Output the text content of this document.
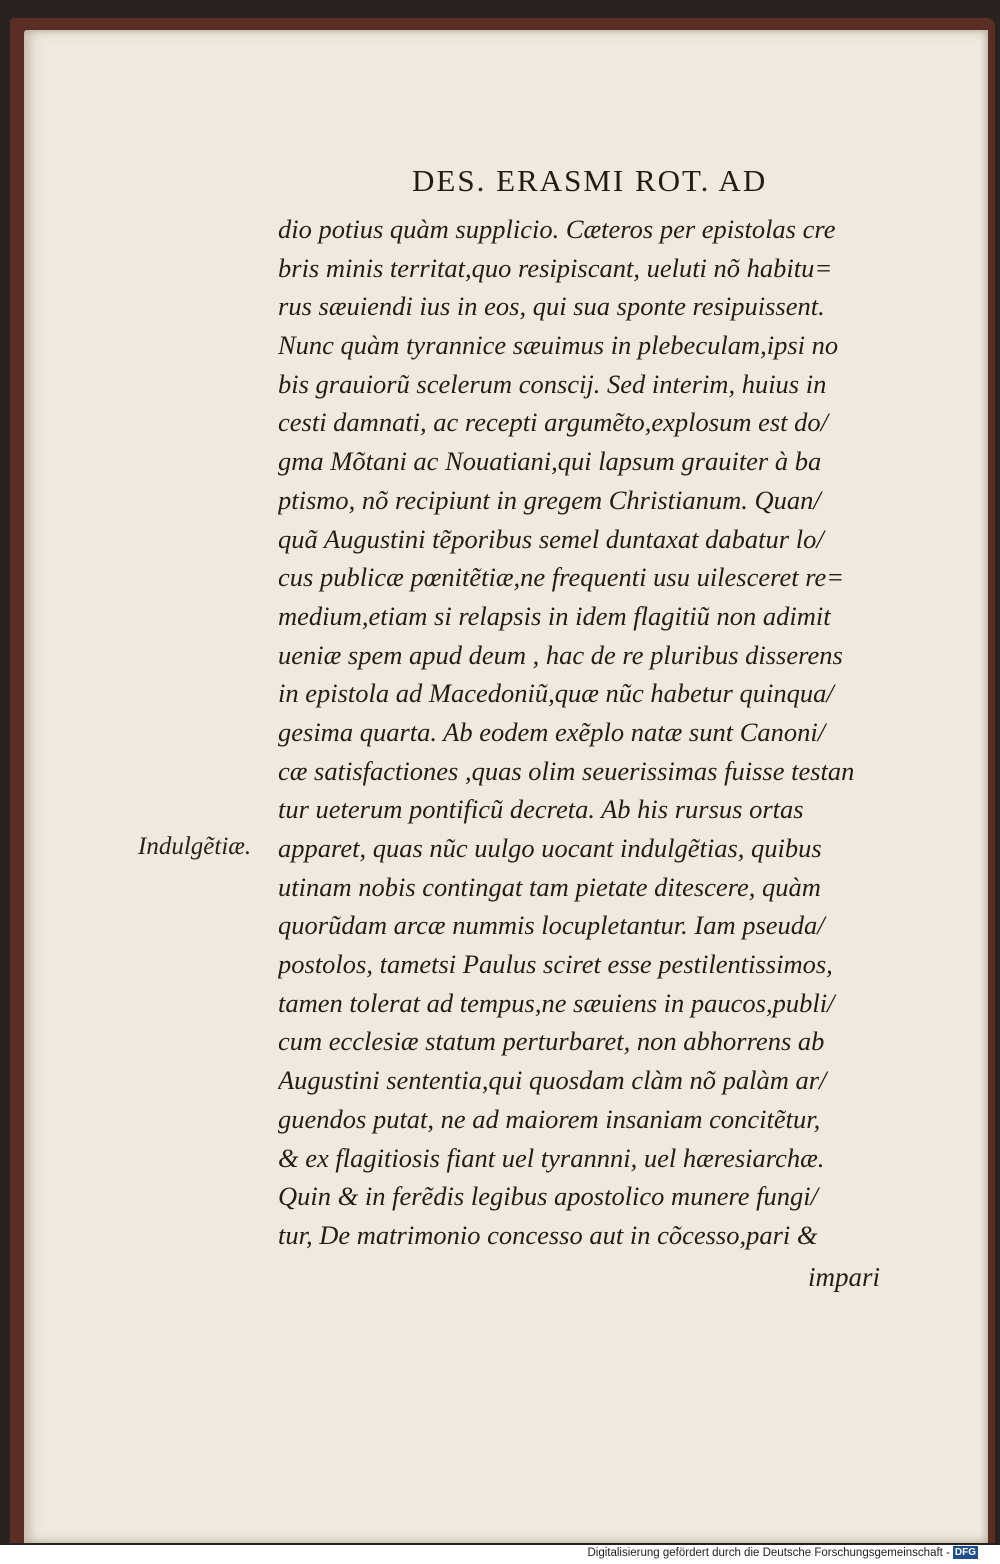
DES. ERASMI ROT. AD
Indulgẽtiæ.
dio potius quàm supplicio. Cæteros per epistolas cre
bris minis territat,quo resipiscant, ueluti nõ habitu=
rus sæuiendi ius in eos, qui sua sponte resipuissent.
Nunc quàm tyrannice sæuimus in plebeculam,ipsi no
bis grauiorũ scelerum conscij. Sed interim, huius in
cesti damnati, ac recepti argumẽto,explosum est do/
gma Mõtani ac Nouatiani,qui lapsum grauiter à ba
ptismo, nõ recipiunt in gregem Christianum. Quan/
quã Augustini tẽporibus semel duntaxat dabatur lo/
cus publicæ pœnitẽtiæ,ne frequenti usu uilesceret re=
medium,etiam si relapsis in idem flagitiũ non adimit
ueniæ spem apud deum , hac de re pluribus disserens
in epistola ad Macedoniũ,quæ nũc habetur quinqua/
gesima quarta. Ab eodem exẽplo natæ sunt Canoni/
cæ satisfactiones ,quas olim seuerissimas fuisse testan
tur ueterum pontificũ decreta. Ab his rursus ortas
apparet, quas nũc uulgo uocant indulgẽtias, quibus
utinam nobis contingat tam pietate ditescere, quàm
quorũdam arcæ nummis locupletantur. Iam pseuda/
postolos, tametsi Paulus sciret esse pestilentissimos,
tamen tolerat ad tempus,ne sæuiens in paucos,publi/
cum ecclesiæ statum perturbaret, non abhorrens ab
Augustini sententia,qui quosdam clàm nõ palàm ar/
guendos putat, ne ad maiorem insaniam concitẽtur,
& ex flagitiosis fiant uel tyrannni, uel hæresiarchæ.
Quin & in ferẽdis legibus apostolico munere fungi/
tur, De matrimonio concesso aut in cõcesso,pari &
impari
Digitalisierung gefördert durch die Deutsche Forschungsgemeinschaft - DFG
